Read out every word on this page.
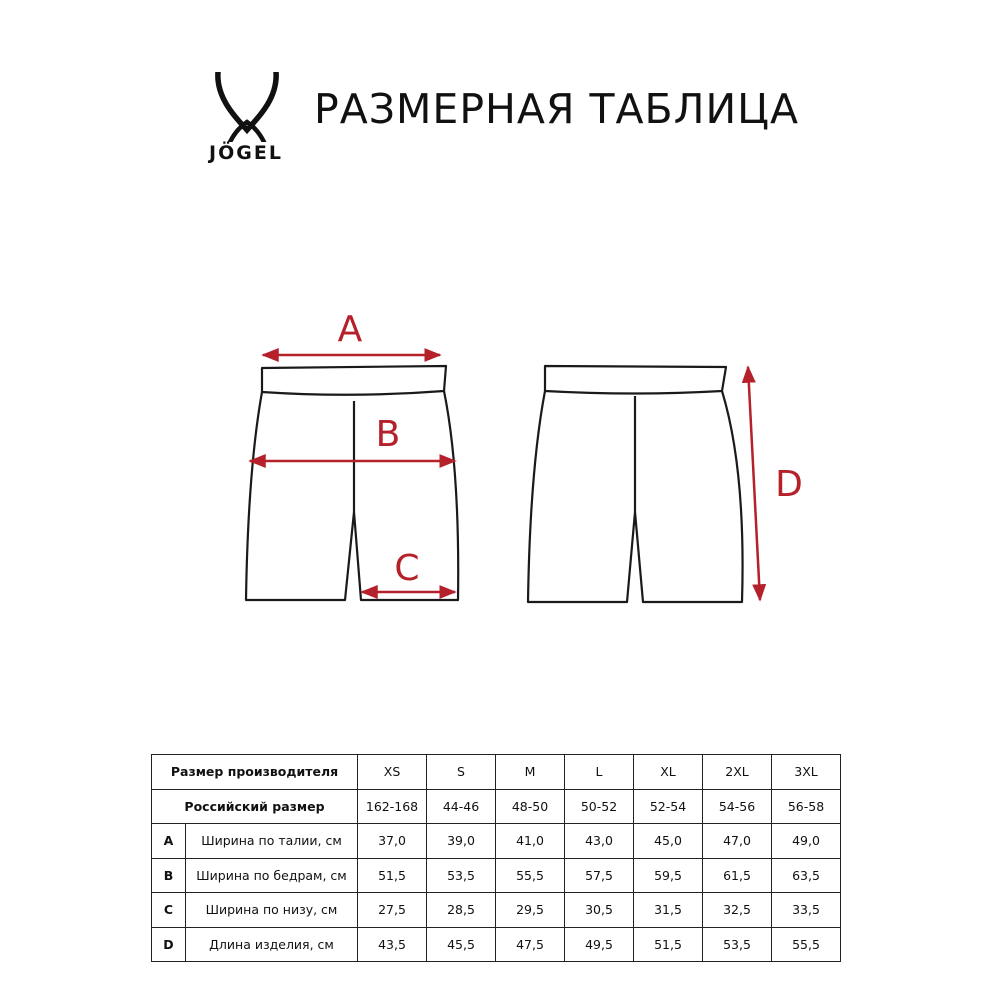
JÖGEL
РАЗМЕРНАЯ ТАБЛИЦА
A
B
C
D
Размер производителя		XS	S	M	L	XL	2XL	3XL
Российский размер		162-168	44-46	48-50	50-52	52-54	54-56	56-58
A	Ширина по талии, см	37,0	39,0	41,0	43,0	45,0	47,0	49,0
B	Ширина по бедрам, см	51,5	53,5	55,5	57,5	59,5	61,5	63,5
C	Ширина по низу, см	27,5	28,5	29,5	30,5	31,5	32,5	33,5
D	Длина изделия, см	43,5	45,5	47,5	49,5	51,5	53,5	55,5
